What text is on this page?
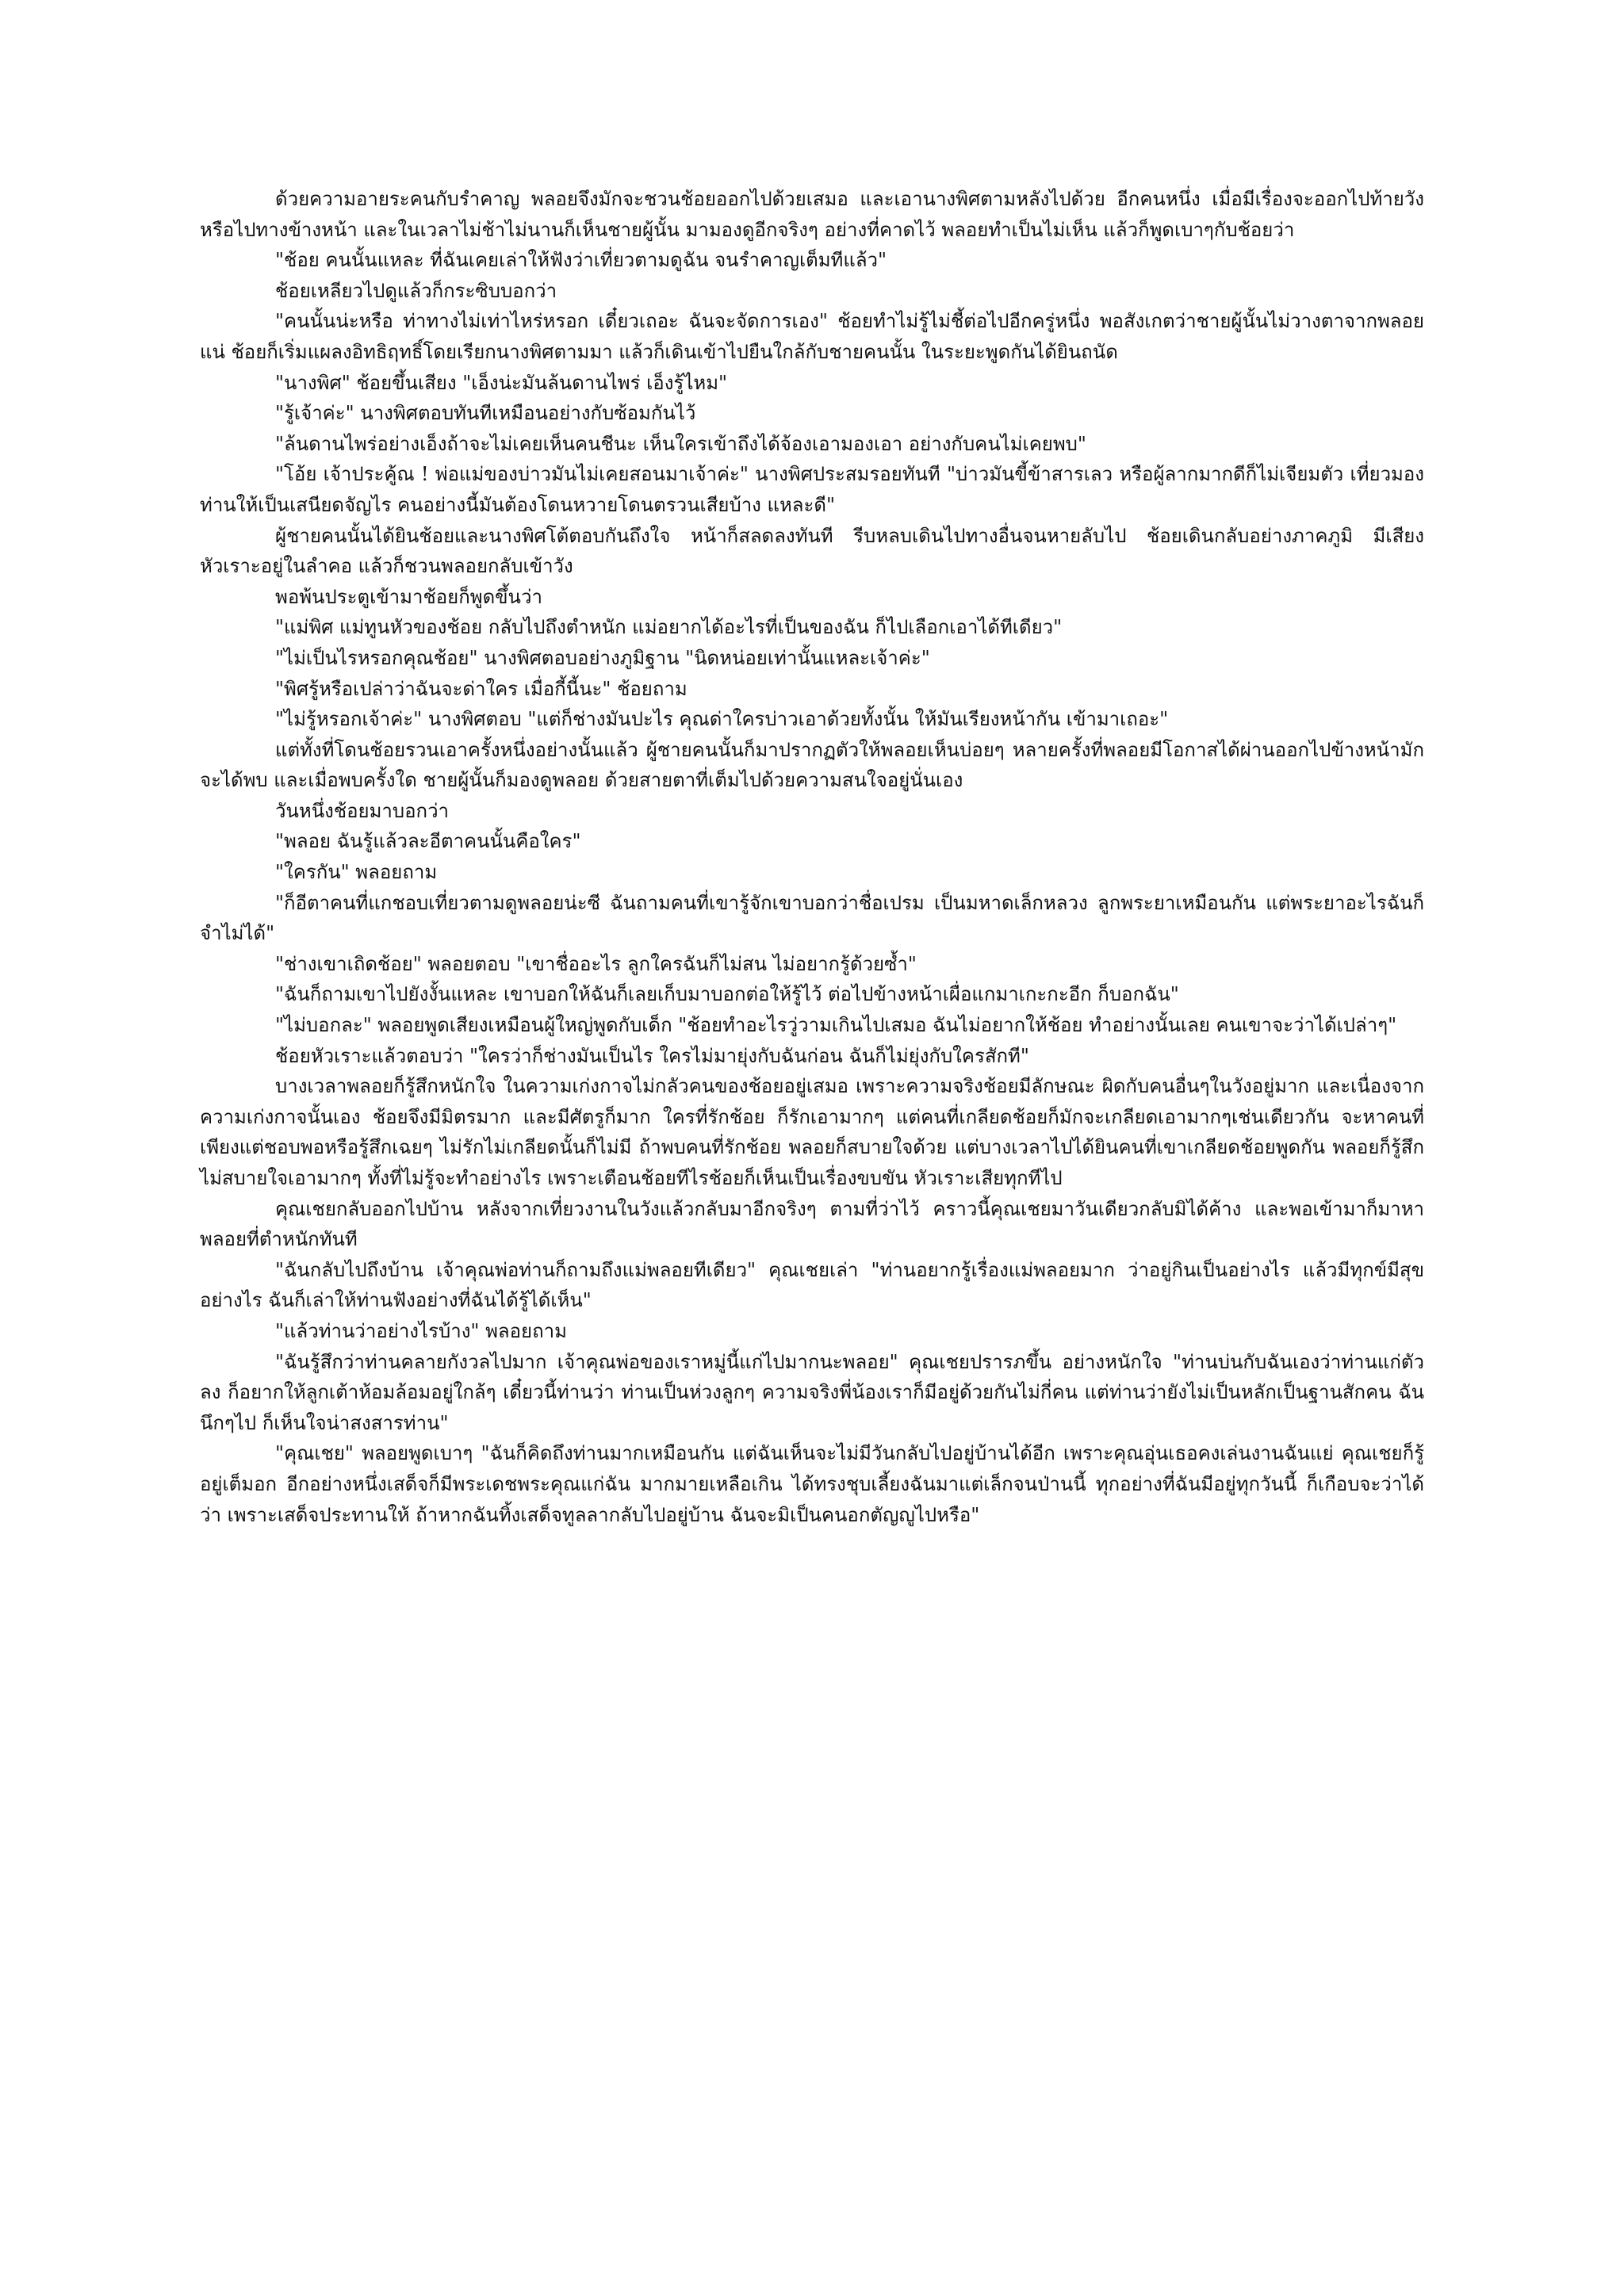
ด้วยความอายระคนกับรำคาญ พลอยจึงมักจะชวนช้อยออกไปด้วยเสมอ และเอานางพิศตามหลังไปด้วย อีกคนหนึ่ง เมื่อมีเรื่องจะออกไปท้ายวังหรือไปทางข้างหน้า และในเวลาไม่ช้าไม่นานก็เห็นชายผู้นั้น มามองดูอีกจริงๆ อย่างที่คาดไว้ พลอยทำเป็นไม่เห็น แล้วก็พูดเบาๆกับช้อยว่า

"ช้อย คนนั้นแหละ ที่ฉันเคยเล่าให้ฟังว่าเที่ยวตามดูฉัน จนรำคาญเต็มทีแล้ว"

ช้อยเหลียวไปดูแล้วก็กระซิบบอกว่า

"คนนั้นน่ะหรือ ท่าทางไม่เท่าไหร่หรอก เดี๋ยวเถอะ ฉันจะจัดการเอง" ช้อยทำไม่รู้ไม่ชี้ต่อไปอีกครู่หนึ่ง พอสังเกตว่าชายผู้นั้นไม่วางตาจากพลอยแน่ ช้อยก็เริ่มแผลงอิทธิฤทธิ์โดยเรียกนางพิศตามมา แล้วก็เดินเข้าไปยืนใกล้กับชายคนนั้น ในระยะพูดกันได้ยินถนัด

"นางพิศ" ช้อยขึ้นเสียง "เอ็งน่ะมันล้นดานไพร่ เอ็งรู้ไหม"

"รู้เจ้าค่ะ" นางพิศตอบทันทีเหมือนอย่างกับซ้อมกันไว้

"ล้นดานไพร่อย่างเอ็งถ้าจะไม่เคยเห็นคนชีนะ เห็นใครเข้าถึงได้จ้องเอามองเอา อย่างกับคนไม่เคยพบ"

"โอ้ย เจ้าประคู้ณ ! พ่อแม่ของบ่าวมันไม่เคยสอนมาเจ้าค่ะ" นางพิศประสมรอยทันที "บ่าวมันขี้ข้าสารเลว หรือผู้ลากมากดีก็ไม่เจียมตัว เที่ยวมองท่านให้เป็นเสนียดจัญไร คนอย่างนี้มันต้องโดนหวายโดนตรวนเสียบ้าง แหละดี"

ผู้ชายคนนั้นได้ยินช้อยและนางพิศโต้ตอบกันถึงใจ หน้าก็สลดลงทันที รีบหลบเดินไปทางอื่นจนหายลับไป ช้อยเดินกลับอย่างภาคภูมิ มีเสียงหัวเราะอยู่ในลำคอ แล้วก็ชวนพลอยกลับเข้าวัง

พอพ้นประตูเข้ามาช้อยก็พูดขึ้นว่า

"แม่พิศ แม่ทูนหัวของช้อย กลับไปถึงตำหนัก แม่อยากได้อะไรที่เป็นของฉัน ก็ไปเลือกเอาได้ทีเดียว"

"ไม่เป็นไรหรอกคุณช้อย" นางพิศตอบอย่างภูมิฐาน "นิดหน่อยเท่านั้นแหละเจ้าค่ะ"

"พิศรู้หรือเปล่าว่าฉันจะด่าใคร เมื่อกี้นี้นะ" ช้อยถาม

"ไม่รู้หรอกเจ้าค่ะ" นางพิศตอบ "แต่ก็ช่างมันปะไร คุณด่าใครบ่าวเอาด้วยทั้งนั้น ให้มันเรียงหน้ากัน เข้ามาเถอะ"

แต่ทั้งที่โดนช้อยรวนเอาครั้งหนึ่งอย่างนั้นแล้ว ผู้ชายคนนั้นก็มาปรากฏตัวให้พลอยเห็นบ่อยๆ หลายครั้งที่พลอยมีโอกาสได้ผ่านออกไปข้างหน้ามักจะได้พบ และเมื่อพบครั้งใด ชายผู้นั้นก็มองดูพลอย ด้วยสายตาที่เต็มไปด้วยความสนใจอยู่นั่นเอง

วันหนึ่งช้อยมาบอกว่า

"พลอย ฉันรู้แล้วละอีตาคนนั้นคือใคร"

"ใครกัน" พลอยถาม

"ก็อีตาคนที่แกชอบเที่ยวตามดูพลอยน่ะซี ฉันถามคนที่เขารู้จักเขาบอกว่าชื่อเปรม เป็นมหาดเล็กหลวง ลูกพระยาเหมือนกัน แต่พระยาอะไรฉันก็จำไม่ได้"

"ช่างเขาเถิดช้อย" พลอยตอบ "เขาชื่ออะไร ลูกใครฉันก็ไม่สน ไม่อยากรู้ด้วยซ้ำ"

"ฉันก็ถามเขาไปยังงั้นแหละ เขาบอกให้ฉันก็เลยเก็บมาบอกต่อให้รู้ไว้ ต่อไปข้างหน้าเผื่อแกมาเกะกะอีก ก็บอกฉัน"

"ไม่บอกละ" พลอยพูดเสียงเหมือนผู้ใหญ่พูดกับเด็ก "ช้อยทำอะไรวู่วามเกินไปเสมอ ฉันไม่อยากให้ช้อย ทำอย่างนั้นเลย คนเขาจะว่าได้เปล่าๆ"

ช้อยหัวเราะแล้วตอบว่า "ใครว่าก็ช่างมันเป็นไร ใครไม่มายุ่งกับฉันก่อน ฉันก็ไม่ยุ่งกับใครสักที"

บางเวลาพลอยก็รู้สึกหนักใจ ในความเก่งกาจไม่กลัวคนของช้อยอยู่เสมอ เพราะความจริงช้อยมีลักษณะ ผิดกับคนอื่นๆในวังอยู่มาก และเนื่องจากความเก่งกาจนั้นเอง ช้อยจึงมีมิตรมาก และมีศัตรูก็มาก ใครที่รักช้อย ก็รักเอามากๆ แต่คนที่เกลียดช้อยก็มักจะเกลียดเอามากๆเช่นเดียวกัน จะหาคนที่เพียงแต่ชอบพอหรือรู้สึกเฉยๆ ไม่รักไม่เกลียดนั้นก็ไม่มี ถ้าพบคนที่รักช้อย พลอยก็สบายใจด้วย แต่บางเวลาไปได้ยินคนที่เขาเกลียดช้อยพูดกัน พลอยก็รู้สึกไม่สบายใจเอามากๆ ทั้งที่ไม่รู้จะทำอย่างไร เพราะเตือนช้อยทีไรช้อยก็เห็นเป็นเรื่องขบขัน หัวเราะเสียทุกทีไป

คุณเชยกลับออกไปบ้าน หลังจากเที่ยวงานในวังแล้วกลับมาอีกจริงๆ ตามที่ว่าไว้ คราวนี้คุณเชยมาวันเดียวกลับมิได้ค้าง และพอเข้ามาก็มาหาพลอยที่ตำหนักทันที

"ฉันกลับไปถึงบ้าน เจ้าคุณพ่อท่านก็ถามถึงแม่พลอยทีเดียว" คุณเชยเล่า "ท่านอยากรู้เรื่องแม่พลอยมาก ว่าอยู่กินเป็นอย่างไร แล้วมีทุกข์มีสุขอย่างไร ฉันก็เล่าให้ท่านฟังอย่างที่ฉันได้รู้ได้เห็น"

"แล้วท่านว่าอย่างไรบ้าง" พลอยถาม

"ฉันรู้สึกว่าท่านคลายกังวลไปมาก เจ้าคุณพ่อของเราหมู่นี้แก่ไปมากนะพลอย" คุณเชยปรารภขึ้น อย่างหนักใจ "ท่านบ่นกับฉันเองว่าท่านแก่ตัวลง ก็อยากให้ลูกเต้าห้อมล้อมอยู่ใกล้ๆ เดี๋ยวนี้ท่านว่า ท่านเป็นห่วงลูกๆ ความจริงพี่น้องเราก็มีอยู่ด้วยกันไม่กี่คน แต่ท่านว่ายังไม่เป็นหลักเป็นฐานสักคน ฉันนึกๆไป ก็เห็นใจน่าสงสารท่าน"

"คุณเชย" พลอยพูดเบาๆ "ฉันก็คิดถึงท่านมากเหมือนกัน แต่ฉันเห็นจะไม่มีวันกลับไปอยู่บ้านได้อีก เพราะคุณอุ่นเธอคงเล่นงานฉันแย่ คุณเชยก็รู้อยู่เต็มอก อีกอย่างหนึ่งเสด็จก็มีพระเดชพระคุณแก่ฉัน มากมายเหลือเกิน ได้ทรงชุบเลี้ยงฉันมาแต่เล็กจนป่านนี้ ทุกอย่างที่ฉันมีอยู่ทุกวันนี้ ก็เกือบจะว่าได้ว่า เพราะเสด็จประทานให้ ถ้าหากฉันทิ้งเสด็จทูลลากลับไปอยู่บ้าน ฉันจะมิเป็นคนอกตัญญูไปหรือ"
